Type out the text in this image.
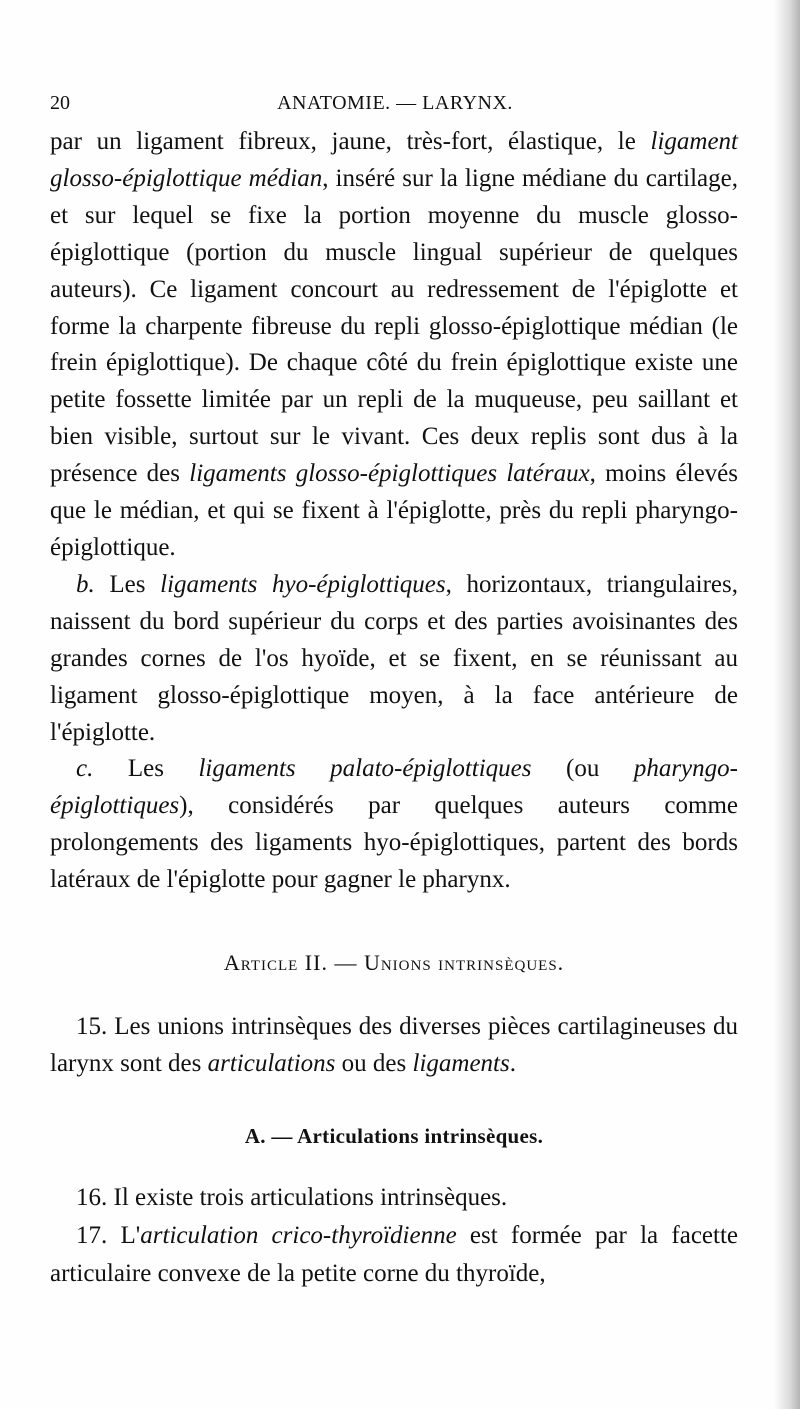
20	ANATOMIE. — LARYNX.

par un ligament fibreux, jaune, très-fort, élastique, le ligament glosso-épiglottique médian, inséré sur la ligne médiane du cartilage, et sur lequel se fixe la portion moyenne du muscle glosso-épiglottique (portion du muscle lingual supérieur de quelques auteurs). Ce ligament concourt au redressement de l'épiglotte et forme la charpente fibreuse du repli glosso-épiglottique médian (le frein épiglottique). De chaque côté du frein épiglottique existe une petite fossette limitée par un repli de la muqueuse, peu saillant et bien visible, surtout sur le vivant. Ces deux replis sont dus à la présence des ligaments glosso-épiglottiques latéraux, moins élevés que le médian, et qui se fixent à l'épiglotte, près du repli pharyngo-épiglottique.

b. Les ligaments hyo-épiglottiques, horizontaux, triangulaires, naissent du bord supérieur du corps et des parties avoisinantes des grandes cornes de l'os hyoïde, et se fixent, en se réunissant au ligament glosso-épiglottique moyen, à la face antérieure de l'épiglotte.

c. Les ligaments palato-épiglottiques (ou pharyngo-épiglottiques), considérés par quelques auteurs comme prolongements des ligaments hyo-épiglottiques, partent des bords latéraux de l'épiglotte pour gagner le pharynx.

Article II. — Unions intrinsèques.

15. Les unions intrinsèques des diverses pièces cartilagineuses du larynx sont des articulations ou des ligaments.

A. — Articulations intrinsèques.

16. Il existe trois articulations intrinsèques.

17. L'articulation crico-thyroïdienne est formée par la facette articulaire convexe de la petite corne du thyroïde,
